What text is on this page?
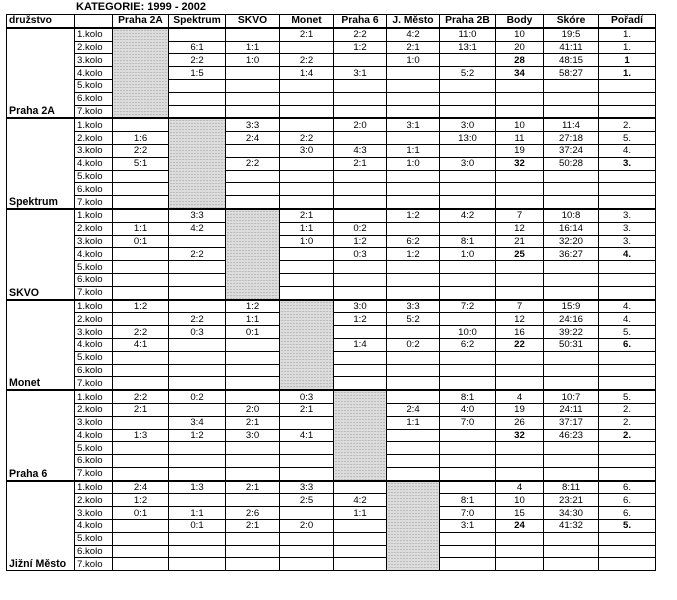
KATEGORIE: 1999 - 2002
družstvo		Praha 2A	Spektrum	SKVO	Monet	Praha 6	J. Město	Praha 2B	Body	Skóre	Pořadí
Praha 2A	1.kolo				2:1	2:2	4:2	11:0	10	19:5	1.
	2.kolo		6:1	1:1		1:2	2:1	13:1	20	41:11	1.
	3.kolo		2:2	1:0	2:2		1:0		28	48:15	1
	4.kolo		1:5		1:4	3:1		5:2	34	58:27	1.
	5.kolo										
	6.kolo										
	7.kolo										
Spektrum	1.kolo			3:3		2:0	3:1	3:0	10	11:4	2.
	2.kolo	1:6		2:4	2:2			13:0	11	27:18	5.
	3.kolo	2:2			3:0	4:3	1:1		19	37:24	4.
	4.kolo	5:1		2:2		2:1	1:0	3:0	32	50:28	3.
	5.kolo										
	6.kolo										
	7.kolo										
SKVO	1.kolo		3:3		2:1		1:2	4:2	7	10:8	3.
	2.kolo	1:1	4:2		1:1	0:2			12	16:14	3.
	3.kolo	0:1			1:0	1:2	6:2	8:1	21	32:20	3.
	4.kolo		2:2			0:3	1:2	1:0	25	36:27	4.
	5.kolo										
	6.kolo										
	7.kolo										
Monet	1.kolo	1:2		1:2		3:0	3:3	7:2	7	15:9	4.
	2.kolo		2:2	1:1		1:2	5:2		12	24:16	4.
	3.kolo	2:2	0:3	0:1				10:0	16	39:22	5.
	4.kolo	4:1				1:4	0:2	6:2	22	50:31	6.
	5.kolo										
	6.kolo										
	7.kolo										
Praha 6	1.kolo	2:2	0:2		0:3			8:1	4	10:7	5.
	2.kolo	2:1		2:0	2:1		2:4	4:0	19	24:11	2.
	3.kolo		3:4	2:1			1:1	7:0	26	37:17	2.
	4.kolo	1:3	1:2	3:0	4:1				32	46:23	2.
	5.kolo										
	6.kolo										
	7.kolo										
Jižní Město	1.kolo	2:4	1:3	2:1	3:3				4	8:11	6.
	2.kolo	1:2			2:5	4:2		8:1	10	23:21	6.
	3.kolo	0:1	1:1	2:6		1:1		7:0	15	34:30	6.
	4.kolo		0:1	2:1	2:0			3:1	24	41:32	5.
	5.kolo										
	6.kolo										
	7.kolo										
